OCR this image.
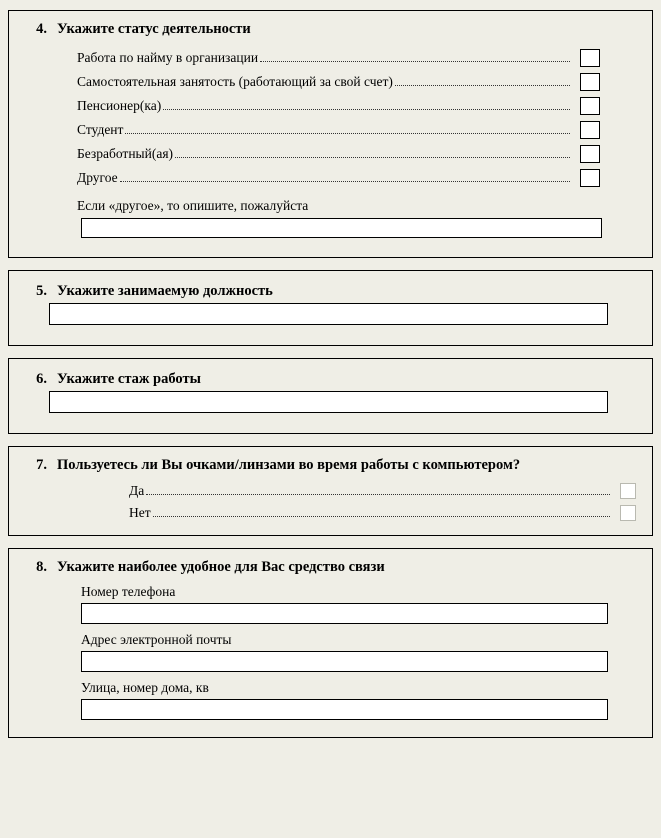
4. Укажите статус деятельности
Работа по найму в организации
Самостоятельная занятость (работающий за свой счет)
Пенсионер(ка)
Студент
Безработный(ая)
Другое
Если «другое», то опишите, пожалуйста
5. Укажите занимаемую должность
6. Укажите стаж работы
7. Пользуетесь ли Вы очками/линзами во время работы с компьютером?
Да
Нет
8. Укажите наиболее удобное для Вас средство связи
Номер телефона
Адрес электронной почты
Улица, номер дома, кв
